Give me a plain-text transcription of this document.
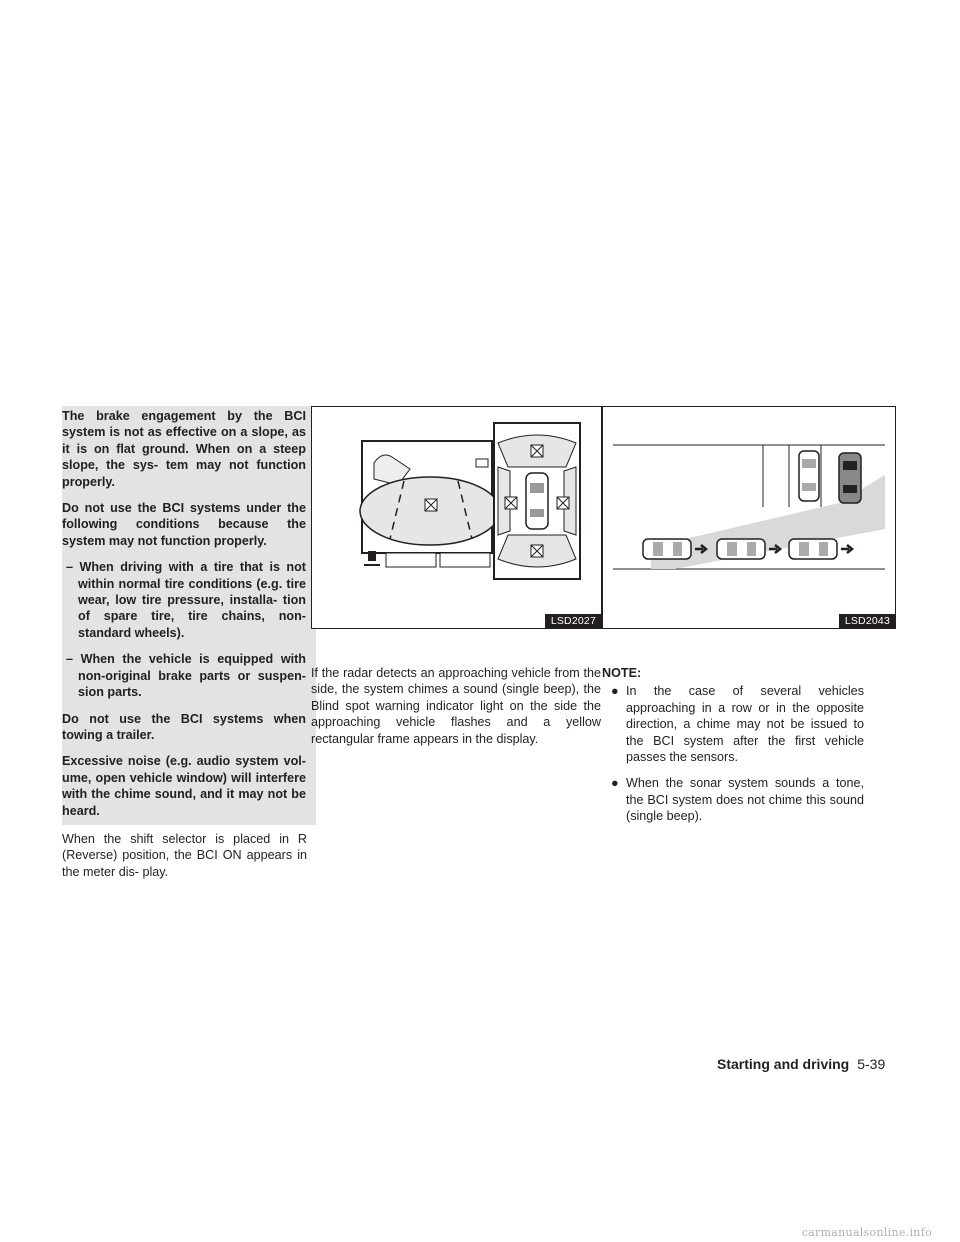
The brake engagement by the BCI system is not as effective on a slope, as it is on flat ground. When on a steep slope, the sys- tem may not function properly.

Do not use the BCI systems under the following conditions because the system may not function properly.

– When driving with a tire that is not within normal tire conditions (e.g. tire wear, low tire pressure, installa- tion of spare tire, tire chains, non- standard wheels).
– When the vehicle is equipped with non-original brake parts or suspen- sion parts.

Do not use the BCI systems when towing a trailer.

Excessive noise (e.g. audio system vol- ume, open vehicle window) will interfere with the chime sound, and it may not be heard.

When the shift selector is placed in R (Reverse) position, the BCI ON appears in the meter dis- play.

LSD2027	LSD2043

If the radar detects an approaching vehicle from the side, the system chimes a sound (single beep), the Blind spot warning indicator light on the side the approaching vehicle flashes and a yellow rectangular frame appears in the display.

NOTE:
● In the case of several vehicles approaching in a row or in the opposite direction, a chime may not be issued to the BCI system after the first vehicle passes the sensors.
● When the sonar system sounds a tone, the BCI system does not chime this sound (single beep).
Starting and driving 5-39
carmanualsonline.info
